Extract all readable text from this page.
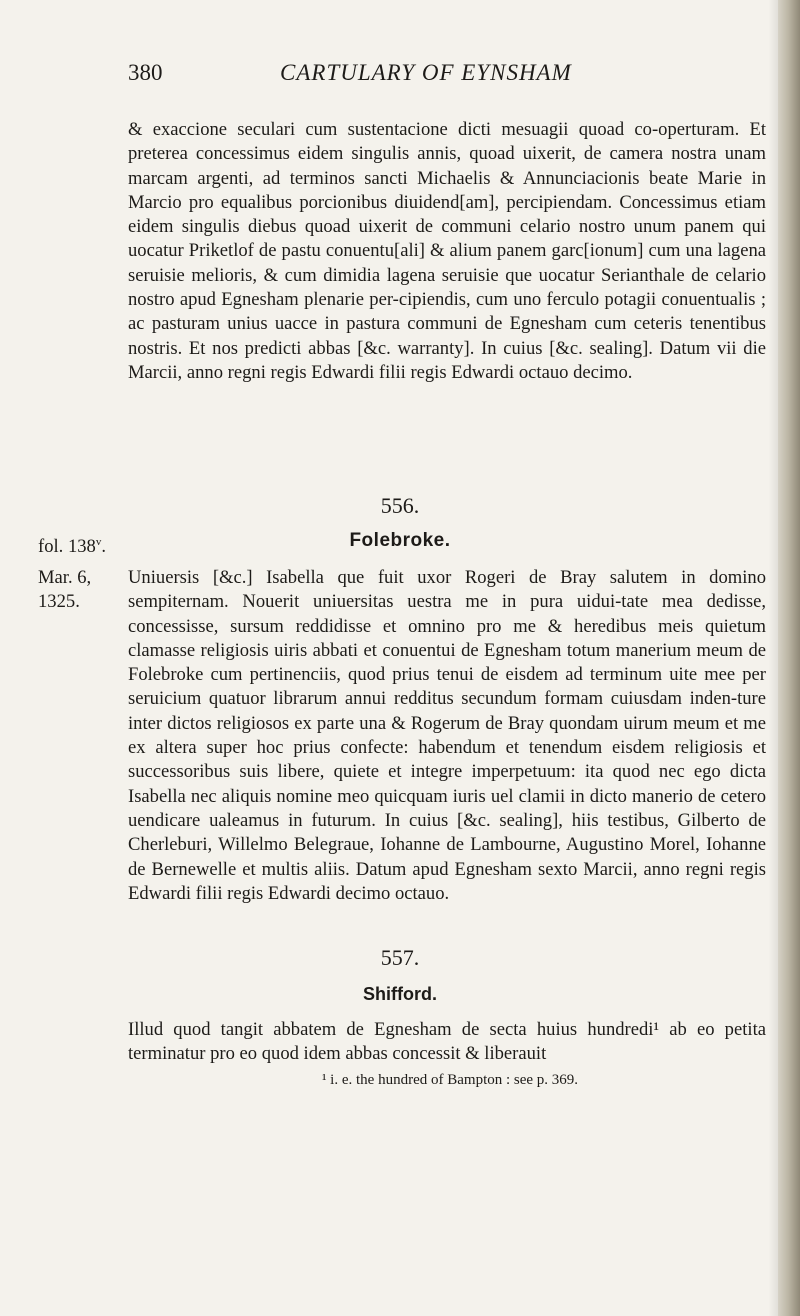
380	CARTULARY OF EYNSHAM

& exaccione seculari cum sustentacione dicti mesuagii quoad co-operturam. Et preterea concessimus eidem singulis annis, quoad uixerit, de camera nostra unam marcam argenti, ad terminos sancti Michaelis & Annunciacionis beate Marie in Marcio pro equalibus porcionibus diuidend[am], percipiendam. Concessimus etiam eidem singulis diebus quoad uixerit de communi celario nostro unum panem qui uocatur Priketlof de pastu conuentu[ali] & alium panem garc[ionum] cum una lagena seruisie melioris, & cum dimidia lagena seruisie que uocatur Serianthale de celario nostro apud Egnesham plenarie per-cipiendis, cum uno ferculo potagii conuentualis ; ac pasturam unius uacce in pastura communi de Egnesham cum ceteris tenentibus nostris. Et nos predicti abbas [&c. warranty]. In cuius [&c. sealing]. Datum vii die Marcii, anno regni regis Edwardi filii regis Edwardi octauo decimo.

556.
Folebroke.
fol. 138$^v$.
Mar. 6,
1325.

Uniuersis [&c.] Isabella que fuit uxor Rogeri de Bray salutem in domino sempiternam. Nouerit uniuersitas uestra me in pura uidui-tate mea dedisse, concessisse, sursum reddidisse et omnino pro me & heredibus meis quietum clamasse religiosis uiris abbati et conuentui de Egnesham totum manerium meum de Folebroke cum pertinenciis, quod prius tenui de eisdem ad terminum uite mee per seruicium quatuor librarum annui redditus secundum formam cuiusdam inden-ture inter dictos religiosos ex parte una & Rogerum de Bray quondam uirum meum et me ex altera super hoc prius confecte: habendum et tenendum eisdem religiosis et successoribus suis libere, quiete et integre imperpetuum: ita quod nec ego dicta Isabella nec aliquis nomine meo quicquam iuris uel clamii in dicto manerio de cetero uendicare ualeamus in futurum. In cuius [&c. sealing], hiis testibus, Gilberto de Cherleburi, Willelmo Belegraue, Iohanne de Lambourne, Augustino Morel, Iohanne de Bernewelle et multis aliis. Datum apud Egnesham sexto Marcii, anno regni regis Edwardi filii regis Edwardi decimo octauo.

557.
Shifford.

Illud quod tangit abbatem de Egnesham de secta huius hundredi¹ ab eo petita terminatur pro eo quod idem abbas concessit & liberauit

¹ i. e. the hundred of Bampton : see p. 369.
